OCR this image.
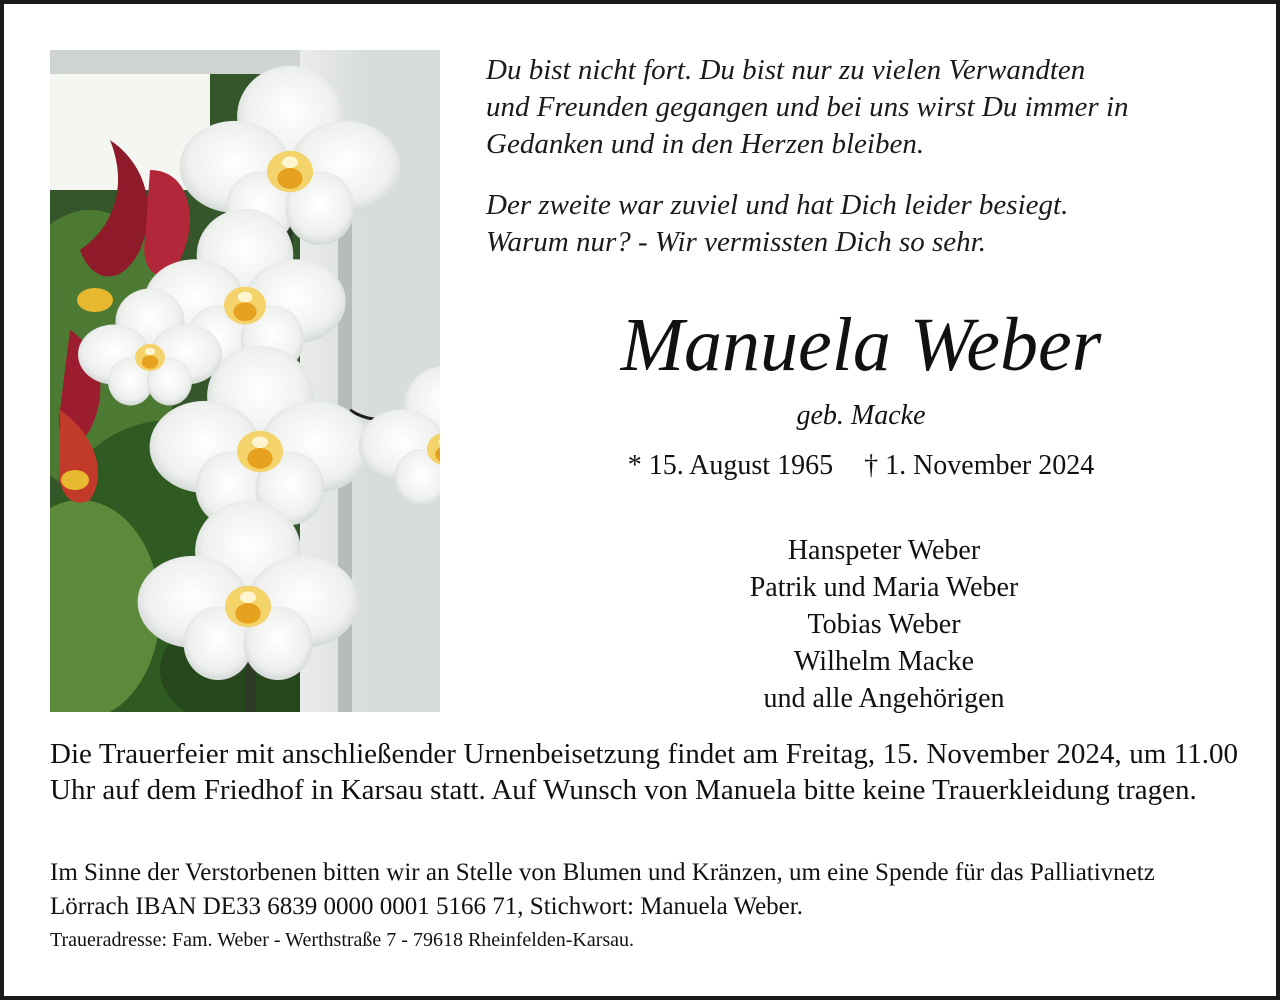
Du bist nicht fort. Du bist nur zu vielen Verwandten
und Freunden gegangen und bei uns wirst Du immer in
Gedanken und in den Herzen bleiben.

Der zweite war zuviel und hat Dich leider besiegt.
Warum nur? - Wir vermissten Dich so sehr.

Manuela Weber
geb. Macke
* 15. August 1965 † 1. November 2024
Hanspeter Weber
Patrik und Maria Weber
Tobias Weber
Wilhelm Macke
und alle Angehörigen
Die Trauerfeier mit anschließender Urnenbeisetzung findet am Freitag, 15. November 2024, um 11.00 Uhr auf dem Friedhof in Karsau statt. Auf Wunsch von Manuela bitte keine Trauerkleidung tragen.
Im Sinne der Verstorbenen bitten wir an Stelle von Blumen und Kränzen, um eine Spende für das Palliativnetz Lörrach IBAN DE33 6839 0000 0001 5166 71, Stichwort: Manuela Weber.
Traueradresse: Fam. Weber - Werthstraße 7 - 79618 Rheinfelden-Karsau.
